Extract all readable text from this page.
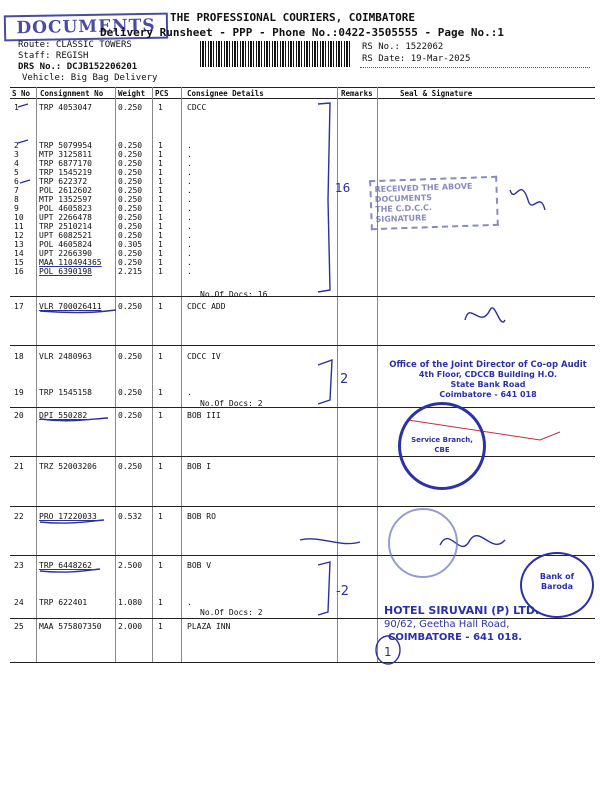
DOCUMENTS	THE PROFESSIONAL COURIERS, COIMBATORE
Delivery Runsheet - PPP - Phone No.:0422-3505555 - Page No.:1
Route: CLASSIC TOWERS
Staff: REGISH
DRS No.: DCJB152206201
Vehicle: Big Bag Delivery
RS No.: 1522062
RS Date: 19-Mar-2025
S No Consignment No Weight PCS Consignee Details	Remarks	Seal & Signature
1	TRP 4053047	0.250 1	CDCC
2	TRP 5079954	0.250 1	.
3	MTP 3125811	0.250 1	.
4	TRP 6877170	0.250 1	.
5	TRP 1545219	0.250 1	.
6	TRP 622372	0.250 1	.
7	POL 2612602	0.250 1	.
8	MTP 1352597	0.250 1	.
9	POL 4605823	0.250 1	.
10 UPT 2266478	0.250 1	.
11 TRP 2510214	0.250 1	.
12 UPT 6082521	0.250 1	.
13 POL 4605824	0.305 1	.
14 UPT 2266390	0.250 1	.
15 MAA 110494365 0.250 1	.
16 POL 6390198	2.215 1	.
17 VLR 700026411 0.250 1	CDCC ADD
18 VLR 2480963	0.250 1	CDCC IV
19 TRP 1545158	0.250 1	.
20 DPI 550282	0.250 1	BOB III
21 TRZ 52003206	0.250 1	BOB I
22 PRO 17220033	0.532 1	BOB RO
23 TRP 6448262	2.500 1	BOB V
24 TRP 622401	1.080 1	.
25 MAA 575807350 2.000 1	PLAZA INN
No.Of Docs: 16
No.Of Docs: 2
No.Of Docs: 2
16
2
-2
1
RECEIVED THE ABOVE
DOCUMENTS
THE C.D.C.C.
SIGNATURE
Office of the Joint Director of Co-op Audit
4th Floor, CDCCB Building H.O.
State Bank Road
Coimbatore - 641 018
Service Branch, CBE
Bank of Baroda
HOTEL SIRUVANI (P) LTD.
90/62, Geetha Hall Road,
COIMBATORE - 641 018.
